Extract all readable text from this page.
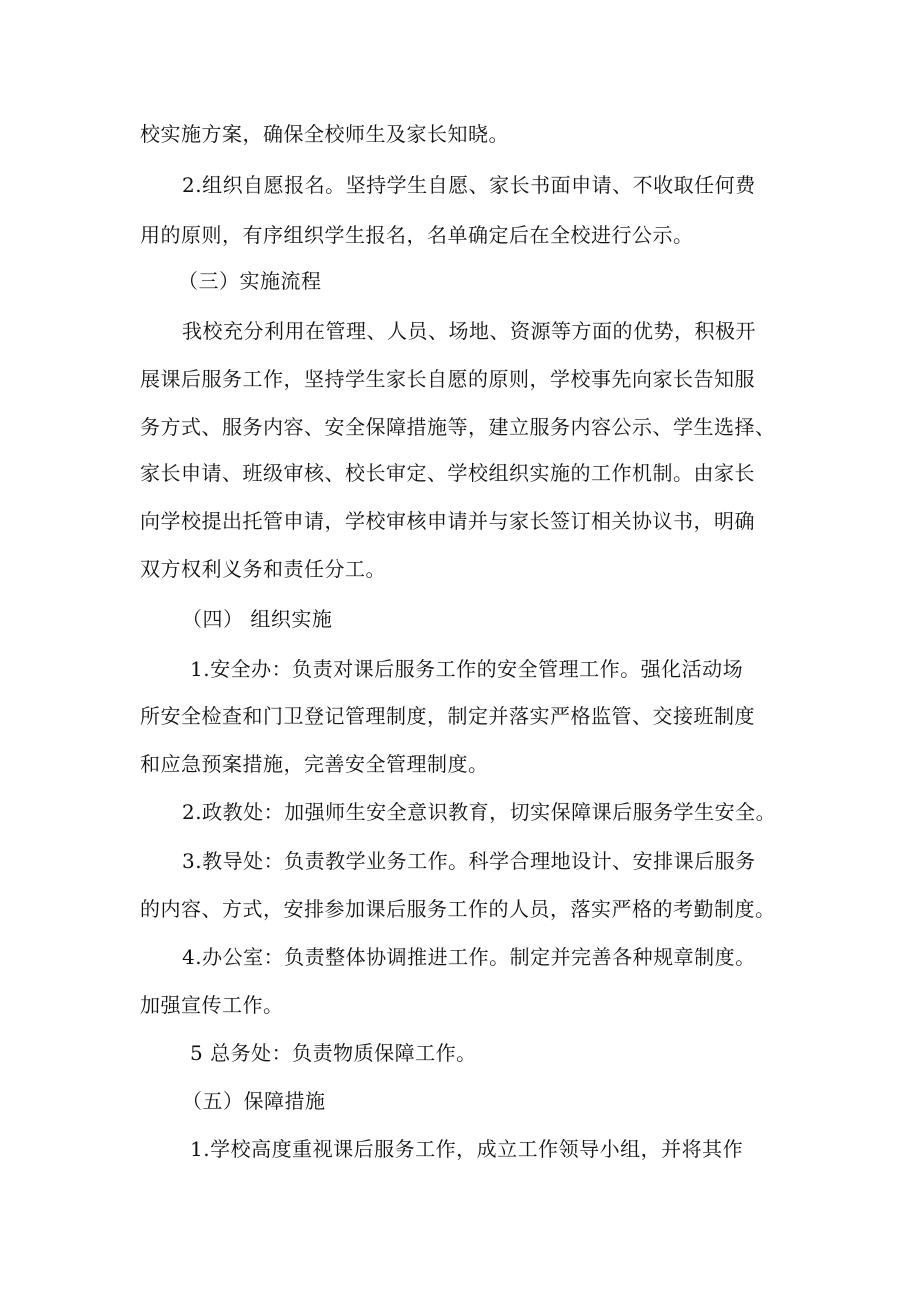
校实施方案，确保全校师生及家长知晓。
2.组织自愿报名。坚持学生自愿、家长书面申请、不收取任何费
用的原则，有序组织学生报名，名单确定后在全校进行公示。
（三）实施流程
我校充分利用在管理、人员、场地、资源等方面的优势，积极开
展课后服务工作，坚持学生家长自愿的原则，学校事先向家长告知服
务方式、服务内容、安全保障措施等，建立服务内容公示、学生选择、
家长申请、班级审核、校长审定、学校组织实施的工作机制。由家长
向学校提出托管申请，学校审核申请并与家长签订相关协议书，明确
双方权利义务和责任分工。
（四） 组织实施
1.安全办：负责对课后服务工作的安全管理工作。强化活动场
所安全检查和门卫登记管理制度，制定并落实严格监管、交接班制度
和应急预案措施，完善安全管理制度。
2.政教处：加强师生安全意识教育，切实保障课后服务学生安全。
3.教导处：负责教学业务工作。科学合理地设计、安排课后服务
的内容、方式，安排参加课后服务工作的人员，落实严格的考勤制度。
4.办公室：负责整体协调推进工作。制定并完善各种规章制度。
加强宣传工作。
5 总务处：负责物质保障工作。
（五）保障措施
1.学校高度重视课后服务工作，成立工作领导小组，并将其作
